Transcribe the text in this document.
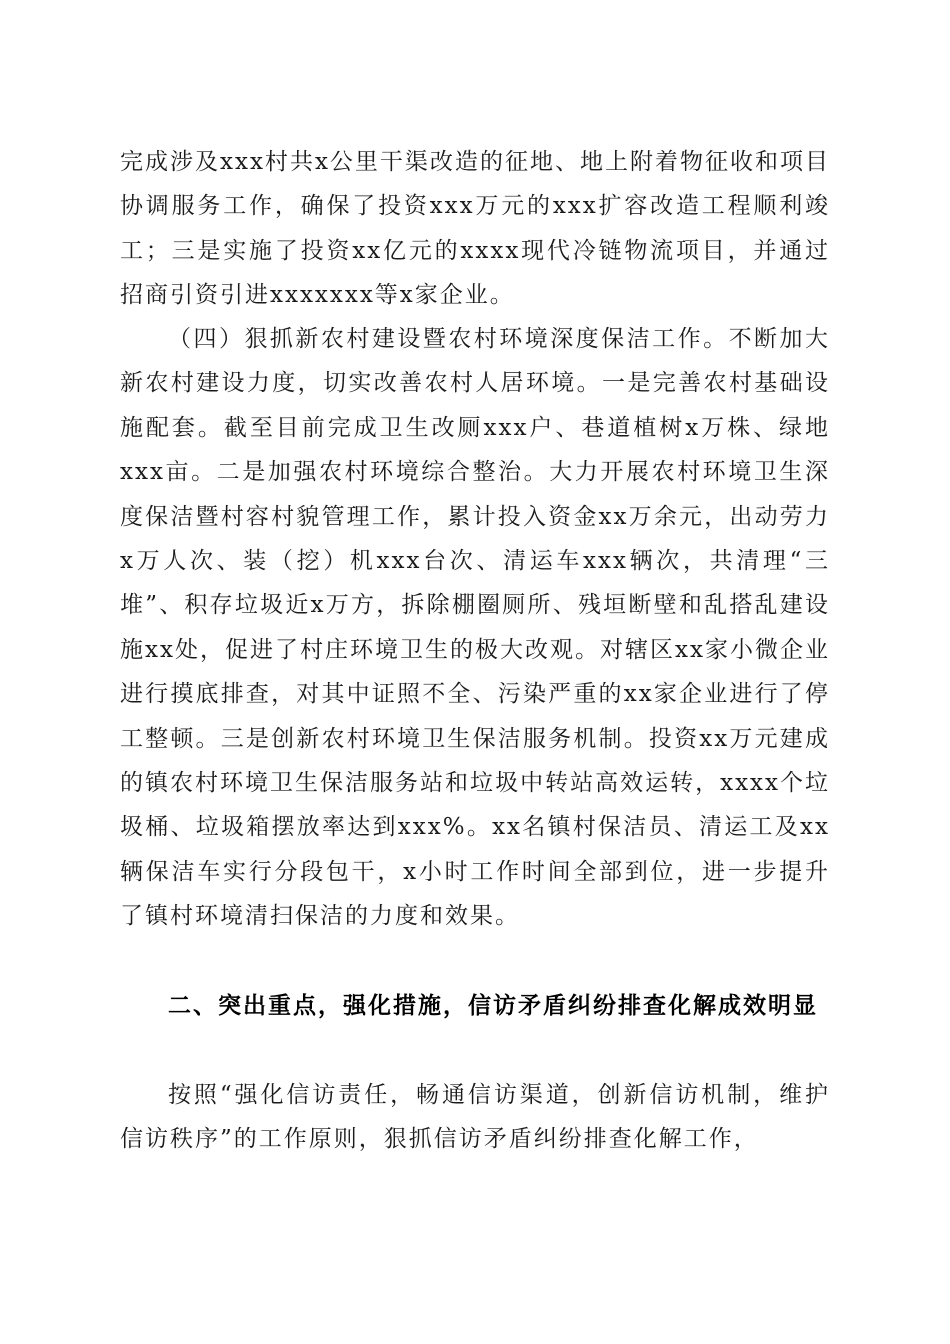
完成涉及xxx村共x公里干渠改造的征地、地上附着物征收和项目协调服务工作，确保了投资xxx万元的xxx扩容改造工程顺利竣工；三是实施了投资xx亿元的xxxx现代冷链物流项目，并通过招商引资引进xxxxxxx等x家企业。

（四）狠抓新农村建设暨农村环境深度保洁工作。不断加大新农村建设力度，切实改善农村人居环境。一是完善农村基础设施配套。截至目前完成卫生改厕xxx户、巷道植树x万株、绿地xxx亩。二是加强农村环境综合整治。大力开展农村环境卫生深度保洁暨村容村貌管理工作，累计投入资金xx万余元，出动劳力x万人次、装（挖）机xxx台次、清运车xxx辆次，共清理“三堆”、积存垃圾近x万方，拆除棚圈厕所、残垣断壁和乱搭乱建设施xx处，促进了村庄环境卫生的极大改观。对辖区xx家小微企业进行摸底排查，对其中证照不全、污染严重的xx家企业进行了停工整顿。三是创新农村环境卫生保洁服务机制。投资xx万元建成的镇农村环境卫生保洁服务站和垃圾中转站高效运转，xxxx个垃圾桶、垃圾箱摆放率达到xxx%。xx名镇村保洁员、清运工及xx辆保洁车实行分段包干，x小时工作时间全部到位，进一步提升了镇村环境清扫保洁的力度和效果。

二、突出重点，强化措施，信访矛盾纠纷排查化解成效明显

按照“强化信访责任，畅通信访渠道，创新信访机制，维护信访秩序”的工作原则，狠抓信访矛盾纠纷排查化解工作，
